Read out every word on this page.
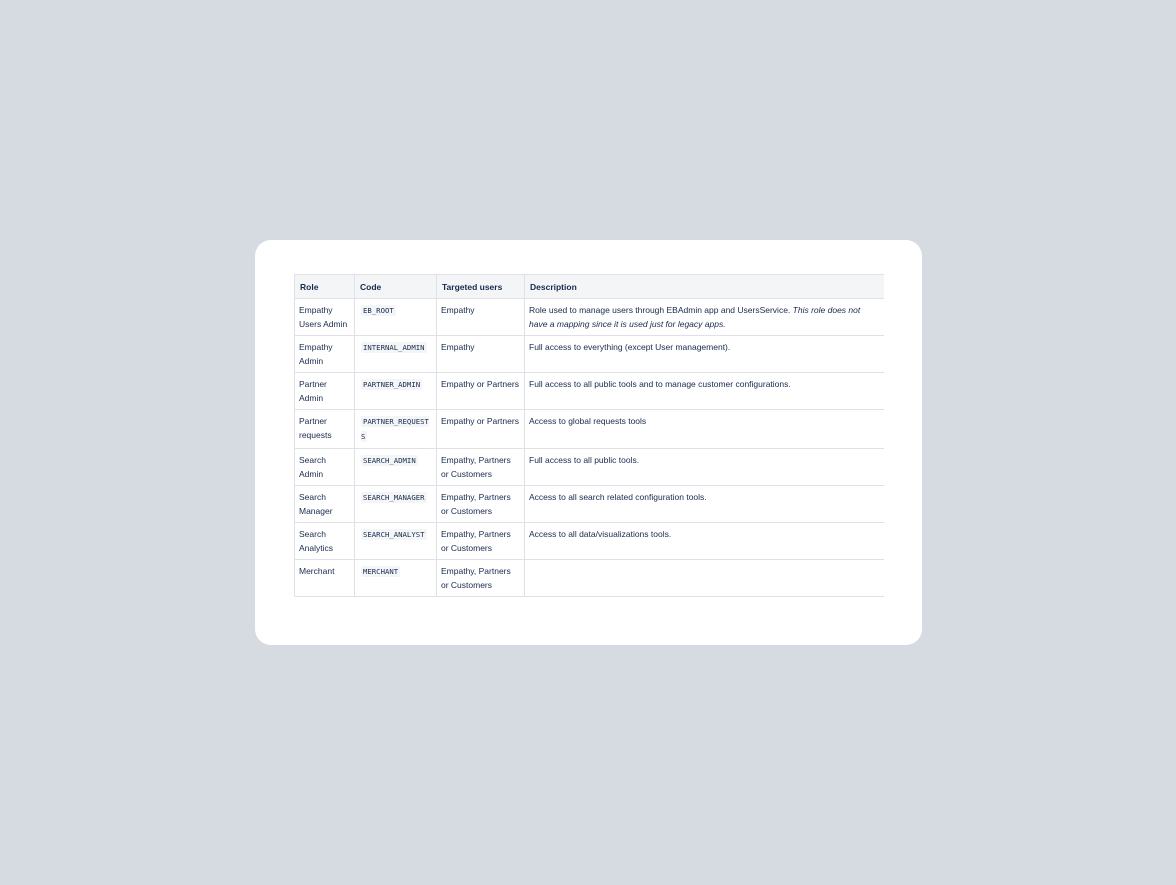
Role	Code	Targeted users	Description
Empathy Users Admin	EB_ROOT	Empathy	Role used to manage users through EBAdmin app and UsersService. This role does not have a mapping since it is used just for legacy apps.
Empathy Admin	INTERNAL_ADMIN	Empathy	Full access to everything (except User management).
Partner Admin	PARTNER_ADMIN	Empathy or Partners	Full access to all public tools and to manage customer configurations.
Partner requests	PARTNER_REQUESTS	Empathy or Partners	Access to global requests tools
Search Admin	SEARCH_ADMIN	Empathy, Partners or Customers	Full access to all public tools.
Search Manager	SEARCH_MANAGER	Empathy, Partners or Customers	Access to all search related configuration tools.
Search Analytics	SEARCH_ANALYST	Empathy, Partners or Customers	Access to all data/visualizations tools.
Merchant	MERCHANT	Empathy, Partners or Customers	
